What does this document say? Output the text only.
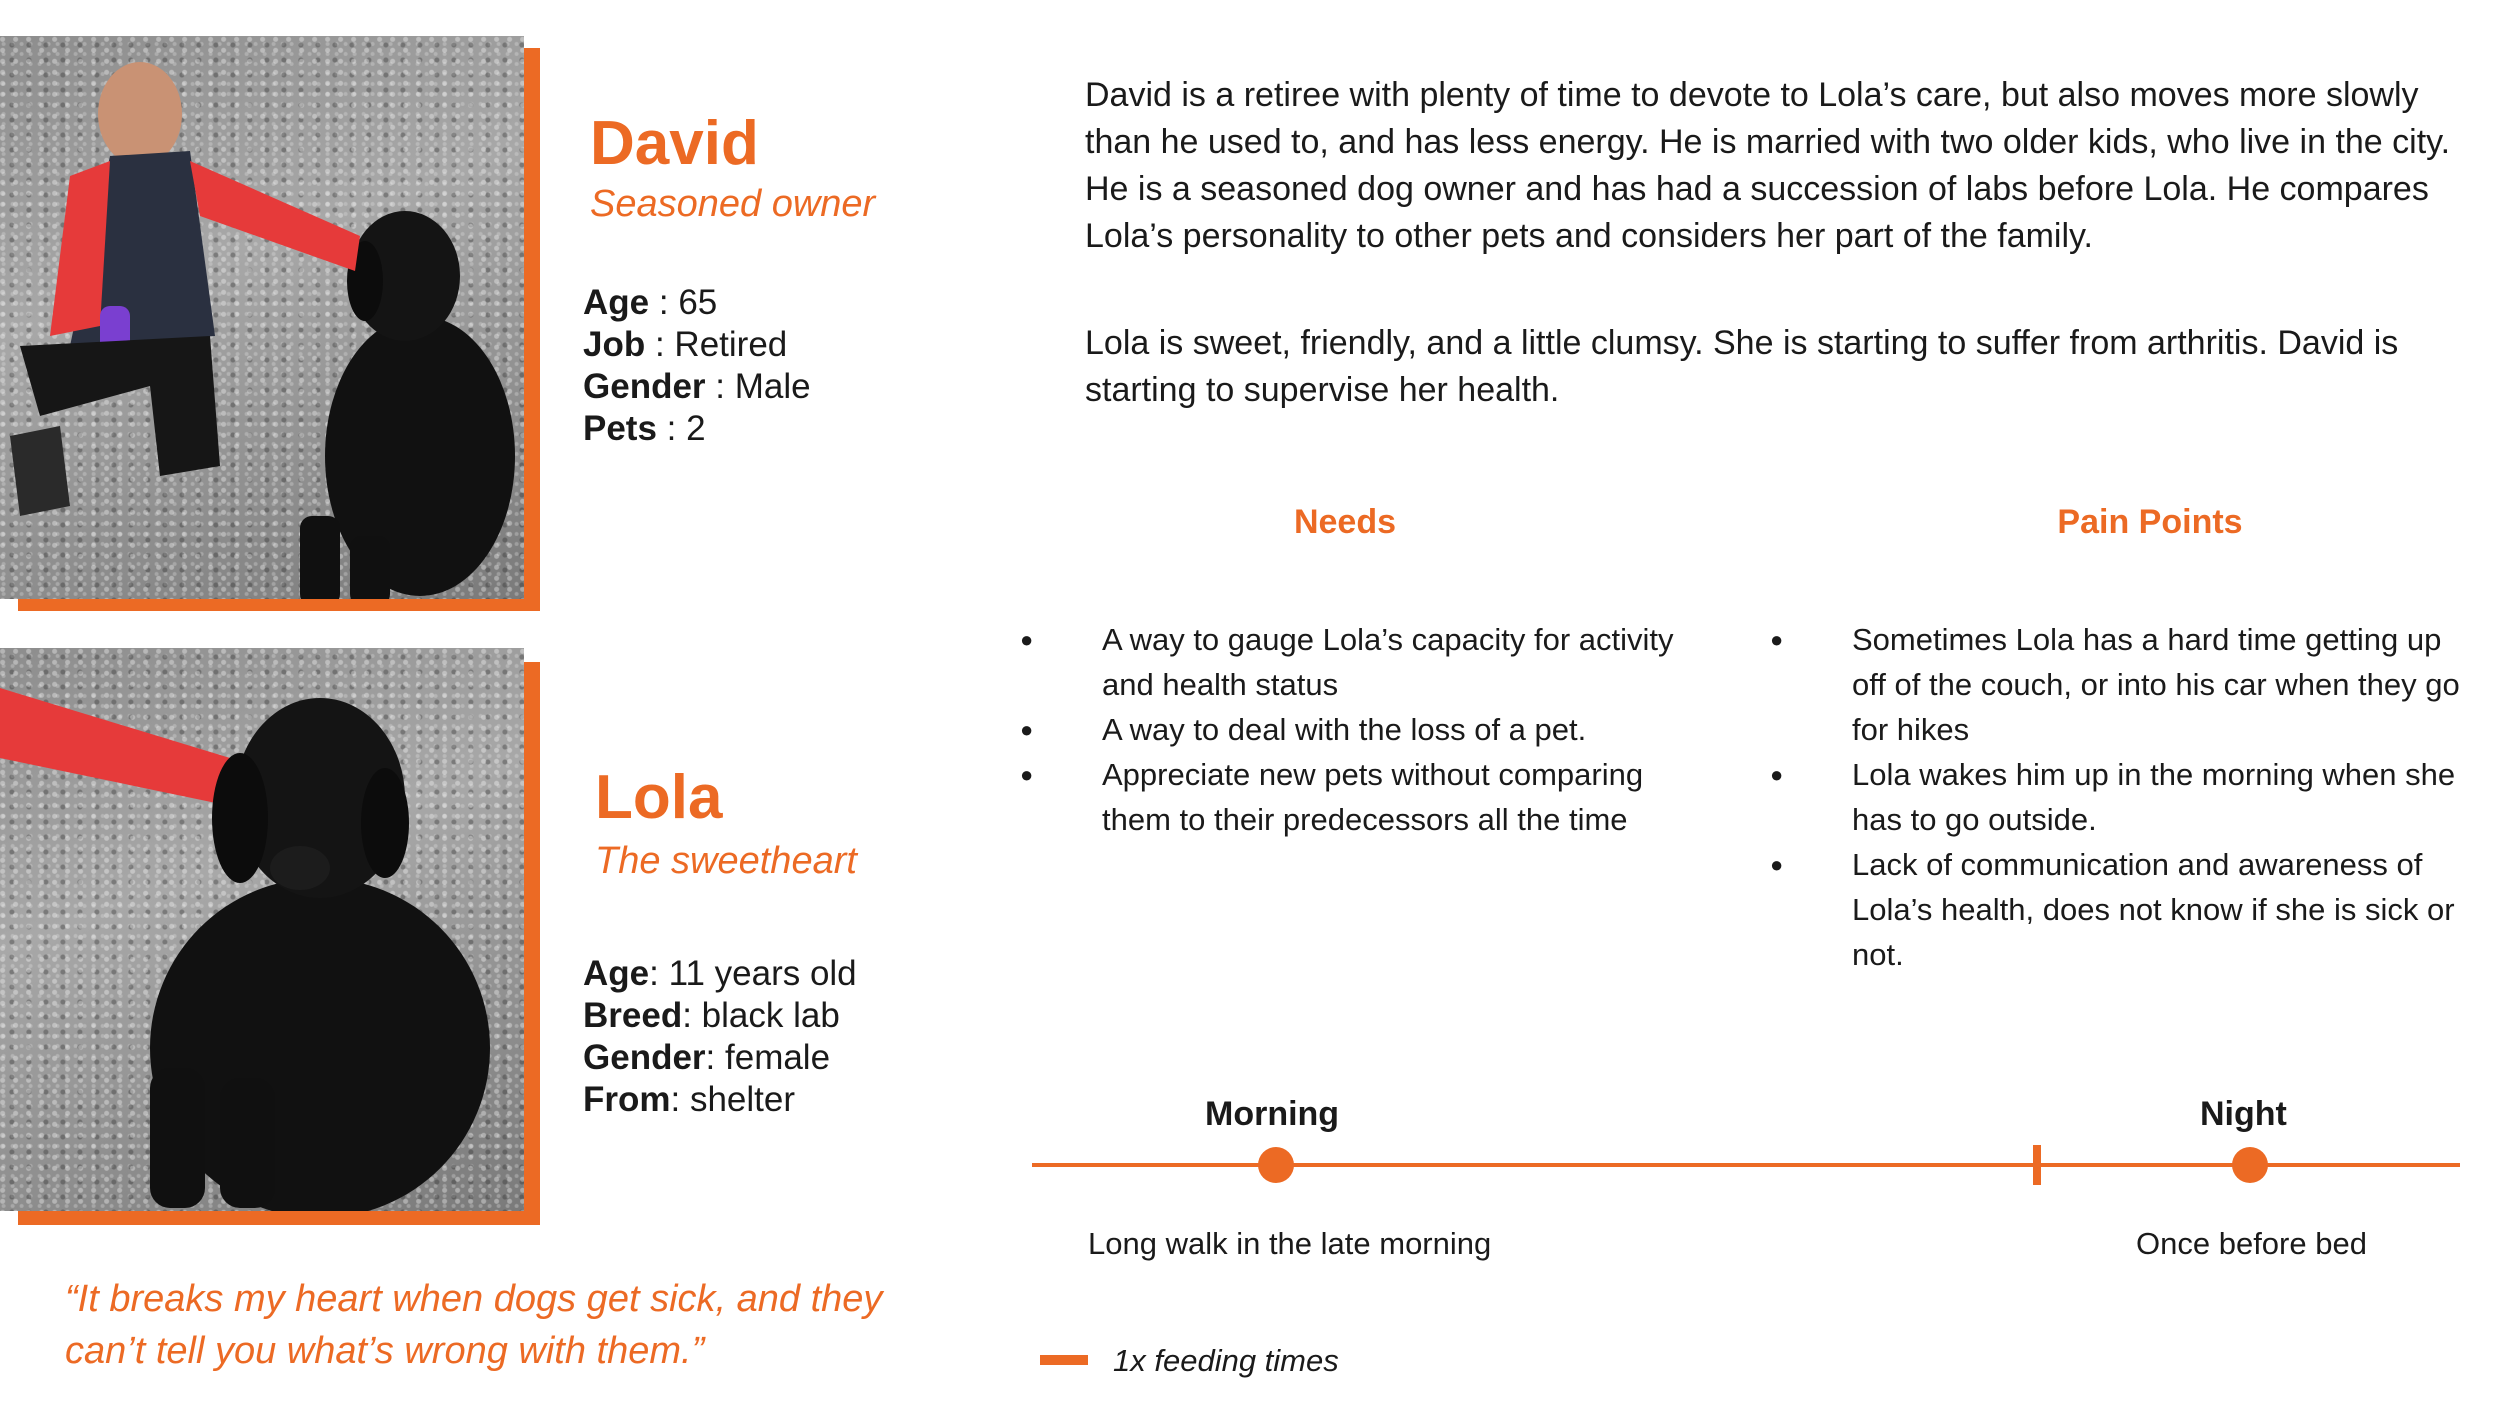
David
Seasoned owner
Age : 65
Job : Retired
Gender : Male
Pets : 2
Lola
The sweetheart
Age: 11 years old
Breed: black lab
Gender: female
From: shelter
“It breaks my heart when dogs get sick, and they can’t tell you what’s wrong with them.”
David is a retiree with plenty of time to devote to Lola’s care, but also moves more slowly than he used to, and has less energy. He is married with two older kids, who live in the city. He is a seasoned dog owner and has had a succession of labs before Lola. He compares Lola’s personality to other pets and considers her part of the family.
Lola is sweet, friendly, and a little clumsy. She is starting to suffer from arthritis. David is starting to supervise her health.
Needs
● A way to gauge Lola’s capacity for activity and health status
● A way to deal with the loss of a pet.
● Appreciate new pets without comparing them to their predecessors all the time
Pain Points
● Sometimes Lola has a hard time getting up off of the couch, or into his car when they go for hikes
● Lola wakes him up in the morning when she has to go outside.
● Lack of communication and awareness of Lola’s health, does not know if she is sick or not.
Morning	Night
Long walk in the late morning	Once before bed
1x feeding times
